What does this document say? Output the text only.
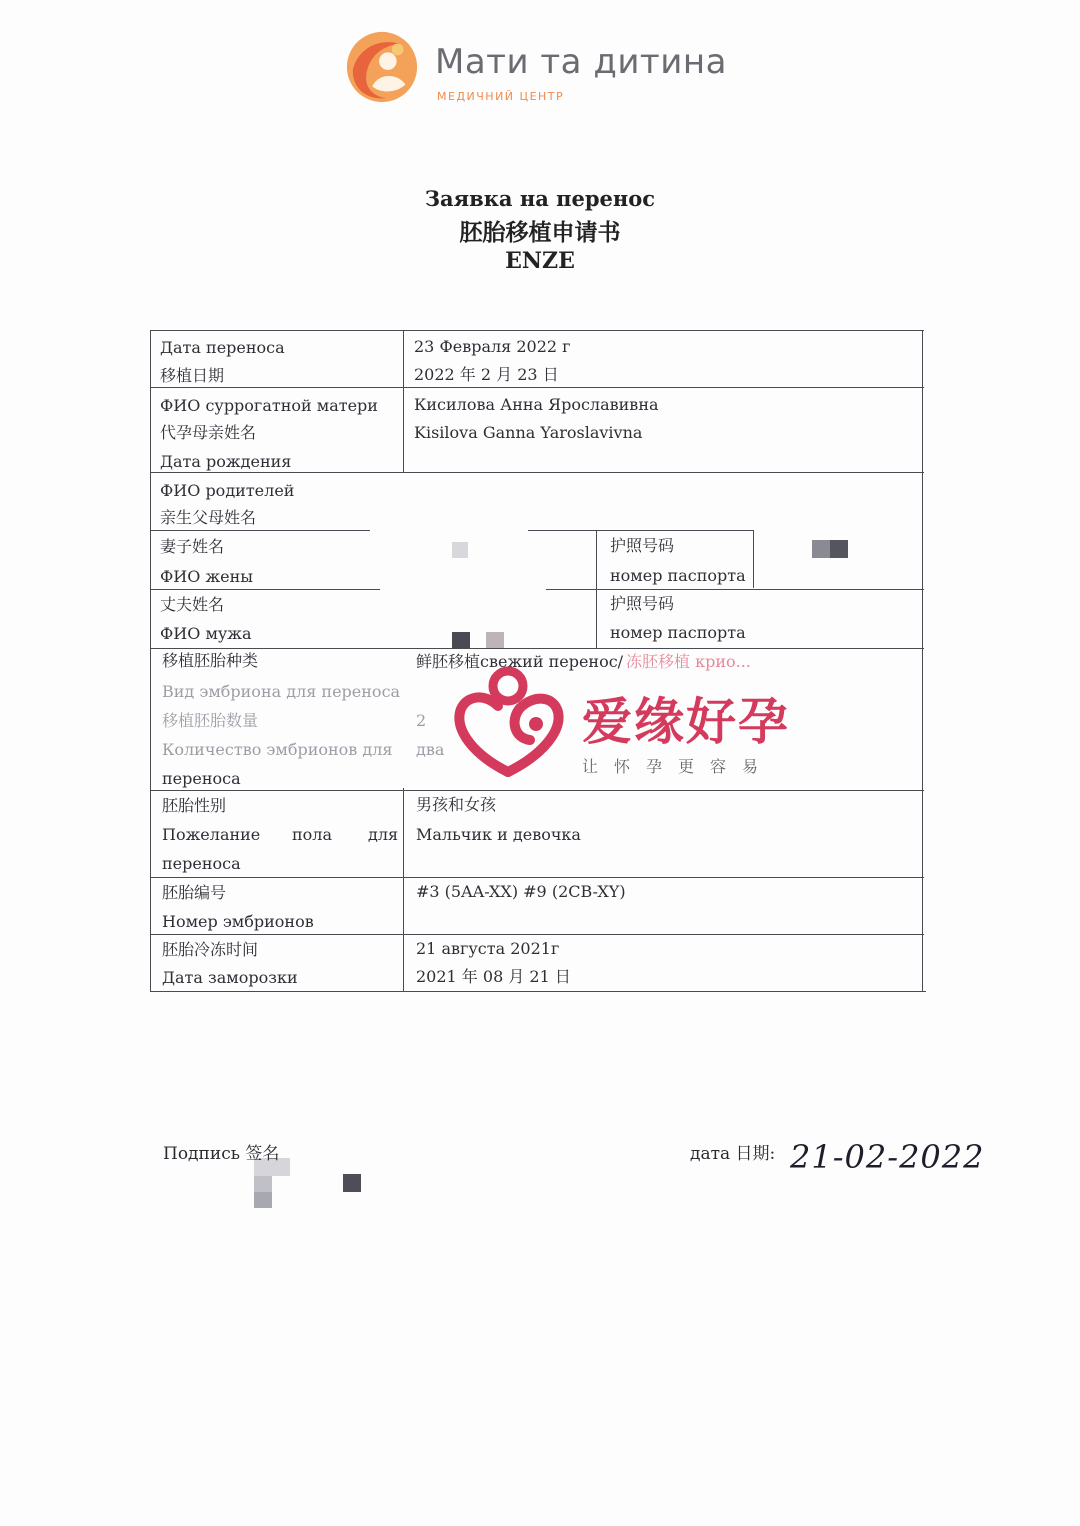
Мати та дитина
МЕДИЧНИЙ ЦЕНТР
Заявка на перенос
胚胎移植申请书
ENZE
Дата переноса
移植日期
23 Февраля 2022 г
2022 年 2 月 23 日
ФИО суррогатной матери
代孕母亲姓名
Дата рождения
Кисилова Анна Ярославивна
Kisilova Ganna Yaroslavivna
ФИО родителей
亲生父母姓名
妻子姓名
ФИО жены
护照号码
номер паспорта
丈夫姓名
ФИО мужа
护照号码
номер паспорта
移植胚胎种类
Вид эмбриона для переноса
鲜胚移植свежий перенос/ 冻胚移植 крио...
移植胚胎数量
Количество эмбрионов для
переноса
2
два
胚胎性别
Пожелание пола для
переноса
男孩和女孩
Мальчик и девочка
胚胎编号
Номер эмбрионов
#3 (5AA-XX) #9 (2CB-XY)
胚胎冷冻时间
Дата заморозки
21 августа 2021г
2021 年 08 月 21 日
爱缘好孕
让怀孕更容易
Подпись 签名	дата 日期: 21-02-2022
